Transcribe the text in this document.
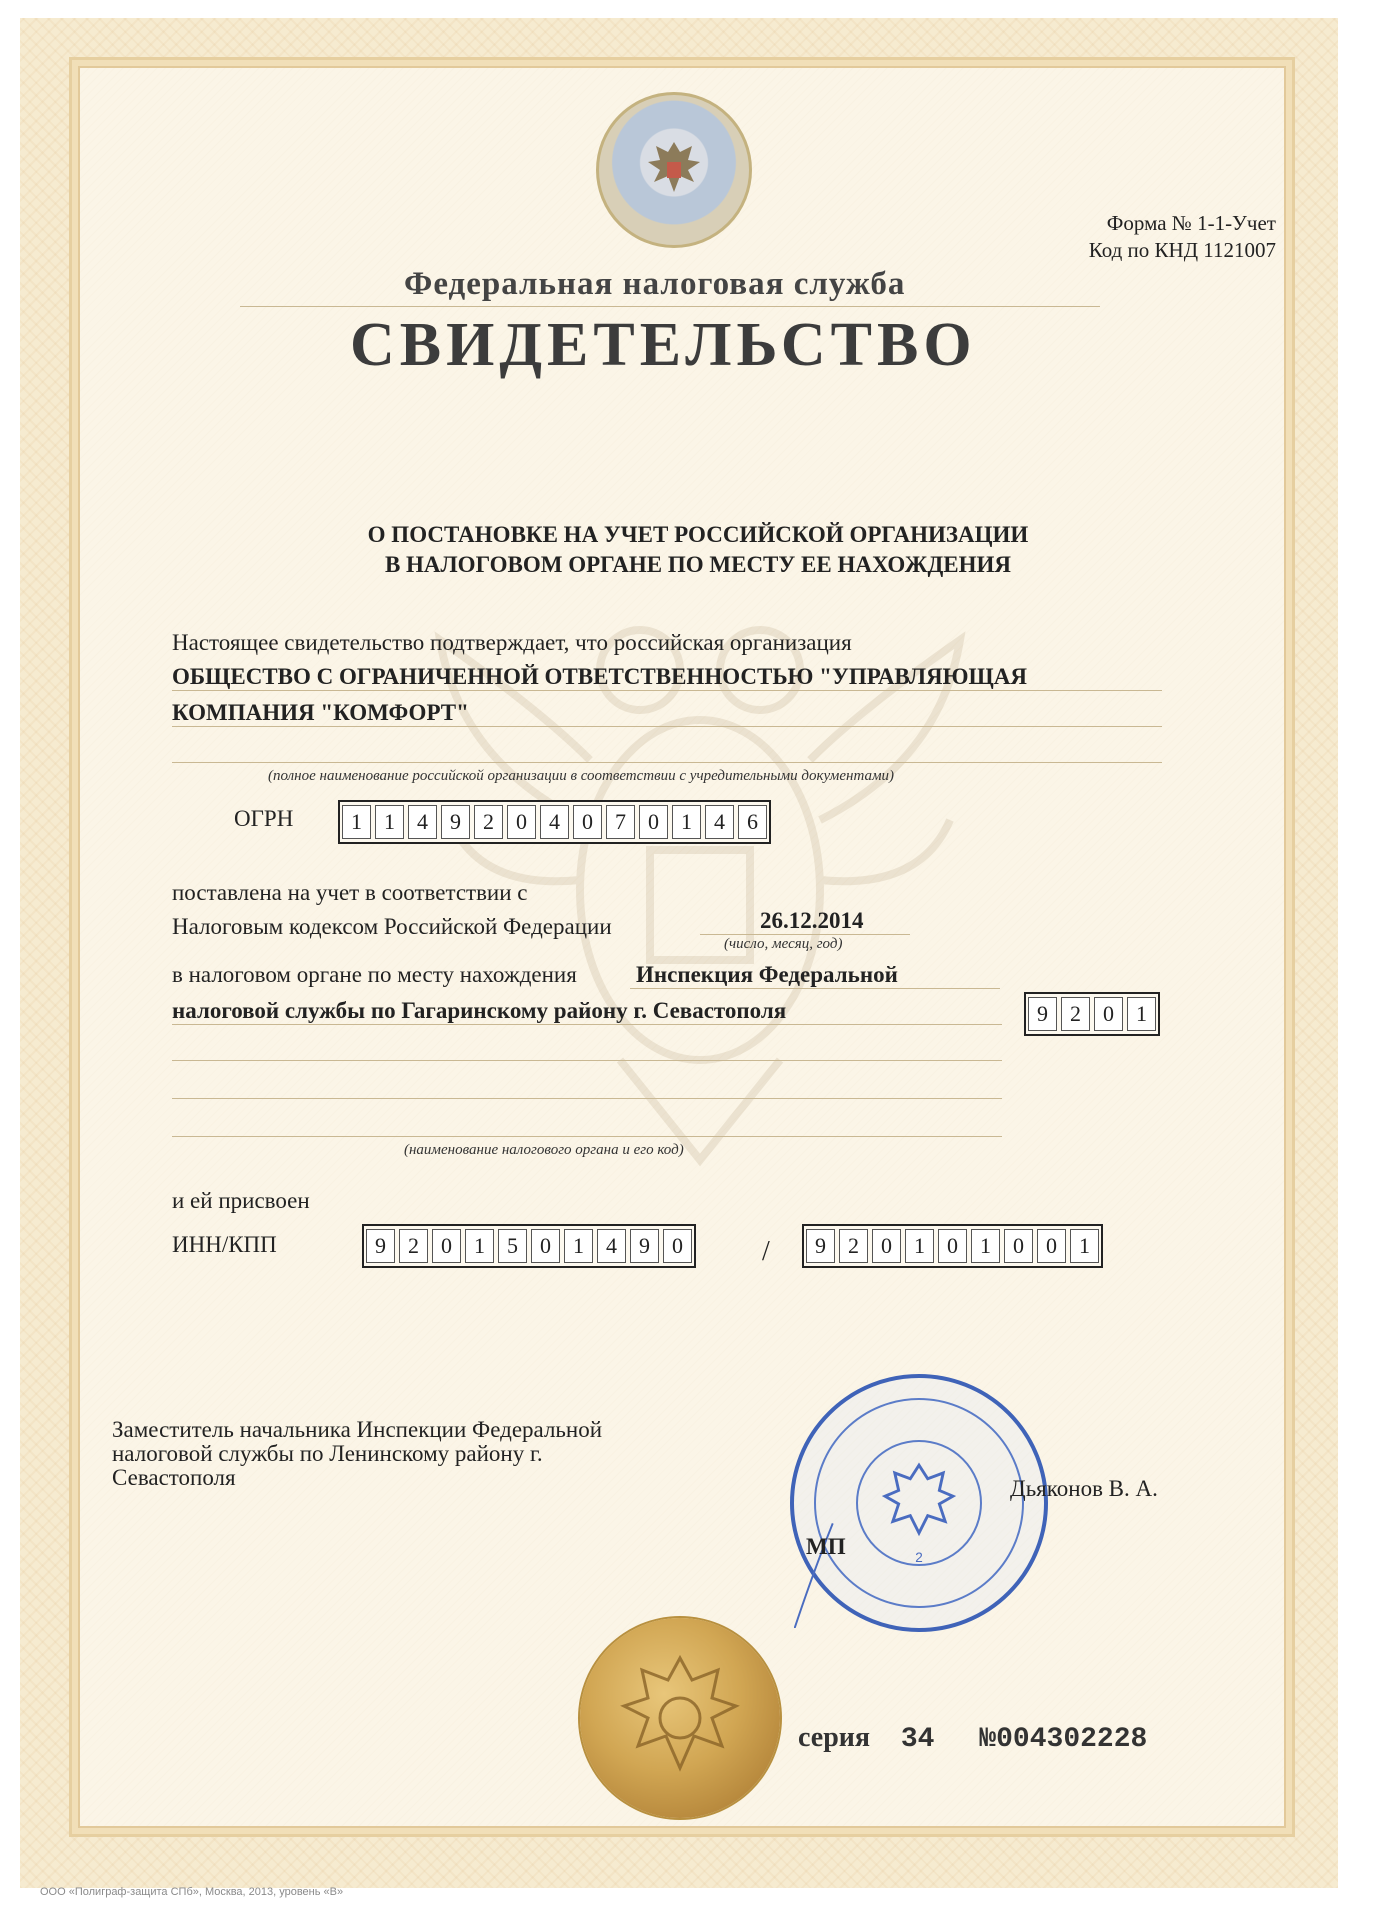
Форма № 1-1-Учет
Код по КНД 1121007
Федеральная налоговая служба
СВИДЕТЕЛЬСТВО
О ПОСТАНОВКЕ НА УЧЕТ РОССИЙСКОЙ ОРГАНИЗАЦИИ
В НАЛОГОВОМ ОРГАНЕ ПО МЕСТУ ЕЕ НАХОЖДЕНИЯ
Настоящее свидетельство подтверждает, что российская организация
ОБЩЕСТВО С ОГРАНИЧЕННОЙ ОТВЕТСТВЕННОСТЬЮ "УПРАВЛЯЮЩАЯ
КОМПАНИЯ "КОМФОРТ"
(полное наименование российской организации в соответствии с учредительными документами)
ОГРН	1	1	4	9	2	0	4	0	7	0	1	4	6
поставлена на учет в соответствии с
Налоговым кодексом Российской Федерации	26.12.2014
(число, месяц, год)
в налоговом органе по месту нахождения	Инспекция Федеральной
налоговой службы по Гагаринскому району г. Севастополя	9	2	0	1
(наименование налогового органа и его код)
и ей присвоен
ИНН/КПП	9	2	0	1	5	0	1	4	9	0	/	9	2	0	1	0	1	0	0	1
Заместитель начальника Инспекции Федеральной
налоговой службы по Ленинскому району г.
Севастополя
2
Дьяконов В. А.
МП
серия 34 №004302228
ООО «Полиграф-защита СПб», Москва, 2013, уровень «В»
